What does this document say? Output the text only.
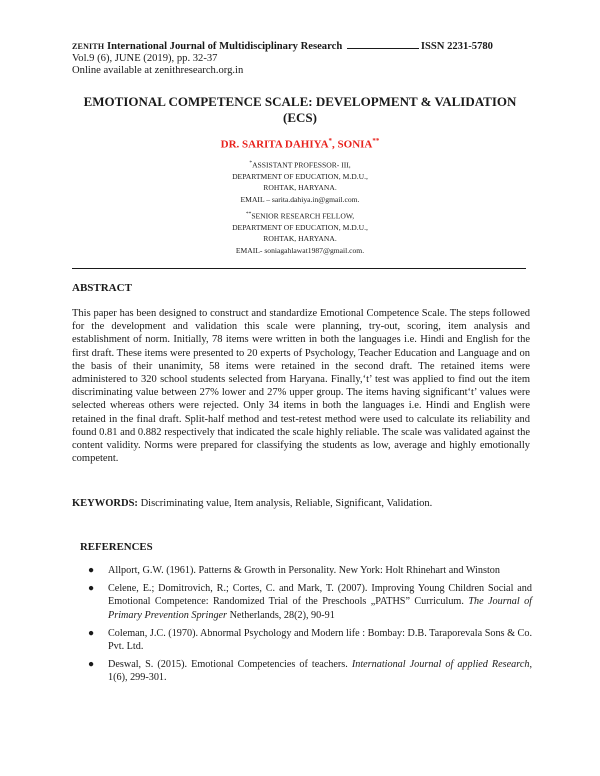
ZENITH International Journal of Multidisciplinary Research	ISSN 2231-5780
Vol.9 (6), JUNE (2019), pp. 32-37
Online available at zenithresearch.org.in
EMOTIONAL COMPETENCE SCALE: DEVELOPMENT & VALIDATION (ECS)
DR. SARITA DAHIYA*, SONIA**
*ASSISTANT PROFESSOR- III,
DEPARTMENT OF EDUCATION, M.D.U.,
ROHTAK, HARYANA.
EMAIL – sarita.dahiya.in@gmail.com.
**SENIOR RESEARCH FELLOW,
DEPARTMENT OF EDUCATION, M.D.U.,
ROHTAK, HARYANA.
EMAIL- soniagahlawat1987@gmail.com.
ABSTRACT
This paper has been designed to construct and standardize Emotional Competence Scale. The steps followed for the development and validation this scale were planning, try-out, scoring, item analysis and establishment of norm. Initially, 78 items were written in both the languages i.e. Hindi and English for the first draft. These items were presented to 20 experts of Psychology, Teacher Education and Language and on the basis of their unanimity, 58 items were retained in the second draft. The retained items were administered to 320 school students selected from Haryana. Finally,‘t’ test was applied to find out the item discriminating value between 27% lower and 27% upper group. The items having significant‘t’ values were selected whereas others were rejected. Only 34 items in both the languages i.e. Hindi and English were retained in the final draft. Split-half method and test-retest method were used to calculate its reliability and found 0.81 and 0.882 respectively that indicated the scale highly reliable. The scale was validated against the content validity. Norms were prepared for classifying the students as low, average and highly emotionally competent.
KEYWORDS: Discriminating value, Item analysis, Reliable, Significant, Validation.
REFERENCES
● Allport, G.W. (1961). Patterns & Growth in Personality. New York: Holt Rhinehart and Winston
● Celene, E.; Domitrovich, R.; Cortes, C. and Mark, T. (2007). Improving Young Children Social and Emotional Competence: Randomized Trial of the Preschools „PATHS” Curriculum. The Journal of Primary Prevention Springer Netherlands, 28(2), 90-91
● Coleman, J.C. (1970). Abnormal Psychology and Modern life : Bombay: D.B. Taraporevala Sons & Co. Pvt. Ltd.
● Deswal, S. (2015). Emotional Competencies of teachers. International Journal of applied Research, 1(6), 299-301.
